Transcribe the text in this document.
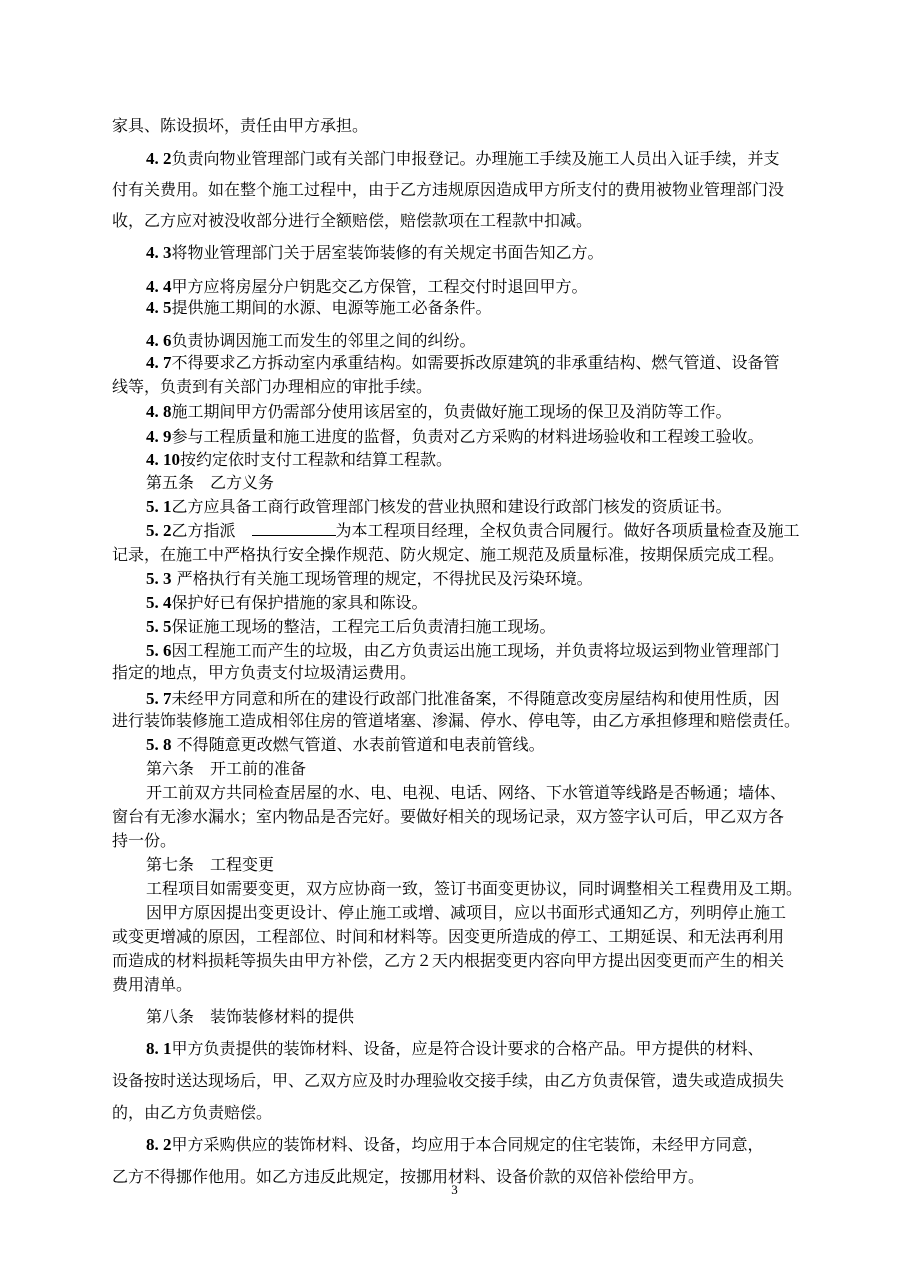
家具、陈设损坏，责任由甲方承担。
4. 2负责向物业管理部门或有关部门申报登记。办理施工手续及施工人员出入证手续，并支
付有关费用。如在整个施工过程中，由于乙方违规原因造成甲方所支付的费用被物业管理部门没
收，乙方应对被没收部分进行全额赔偿，赔偿款项在工程款中扣减。
4. 3将物业管理部门关于居室装饰装修的有关规定书面告知乙方。
4. 4甲方应将房屋分户钥匙交乙方保管，工程交付时退回甲方。
4. 5提供施工期间的水源、电源等施工必备条件。
4. 6负责协调因施工而发生的邻里之间的纠纷。
4. 7不得要求乙方拆动室内承重结构。如需要拆改原建筑的非承重结构、燃气管道、设备管
线等，负责到有关部门办理相应的审批手续。
4. 8施工期间甲方仍需部分使用该居室的，负责做好施工现场的保卫及消防等工作。
4. 9参与工程质量和施工进度的监督，负责对乙方采购的材料进场验收和工程竣工验收。
4. 10按约定依时支付工程款和结算工程款。
第五条　乙方义务
5. 1乙方应具备工商行政管理部门核发的营业执照和建设行政部门核发的资质证书。
5. 2乙方指派　	为本工程项目经理，全权负责合同履行。做好各项质量检查及施工
记录，在施工中严格执行安全操作规范、防火规定、施工规范及质量标准，按期保质完成工程。
5. 3 严格执行有关施工现场管理的规定，不得扰民及污染环境。
5. 4保护好已有保护措施的家具和陈设。
5. 5保证施工现场的整洁，工程完工后负责清扫施工现场。
5. 6因工程施工而产生的垃圾，由乙方负责运出施工现场，并负责将垃圾运到物业管理部门
指定的地点，甲方负责支付垃圾清运费用。
5. 7未经甲方同意和所在的建设行政部门批准备案，不得随意改变房屋结构和使用性质，因
进行装饰装修施工造成相邻住房的管道堵塞、渗漏、停水、停电等，由乙方承担修理和赔偿责任。
5. 8 不得随意更改燃气管道、水表前管道和电表前管线。
第六条　开工前的准备
开工前双方共同检查居屋的水、电、电视、电话、网络、下水管道等线路是否畅通；墙体、
窗台有无渗水漏水；室内物品是否完好。要做好相关的现场记录，双方签字认可后，甲乙双方各
持一份。
第七条　工程变更
工程项目如需要变更，双方应协商一致，签订书面变更协议，同时调整相关工程费用及工期。
因甲方原因提出变更设计、停止施工或增、减项目，应以书面形式通知乙方，列明停止施工
或变更增减的原因，工程部位、时间和材料等。因变更所造成的停工、工期延误、和无法再利用
而造成的材料损耗等损失由甲方补偿，乙方２天内根据变更内容向甲方提出因变更而产生的相关
费用清单。
第八条　装饰装修材料的提供
8. 1甲方负责提供的装饰材料、设备，应是符合设计要求的合格产品。甲方提供的材料、
设备按时送达现场后，甲、乙双方应及时办理验收交接手续，由乙方负责保管，遗失或造成损失
的，由乙方负责赔偿。
8. 2甲方采购供应的装饰材料、设备，均应用于本合同规定的住宅装饰，未经甲方同意，
乙方不得挪作他用。如乙方违反此规定，按挪用材料、设备价款的双倍补偿给甲方。
3
